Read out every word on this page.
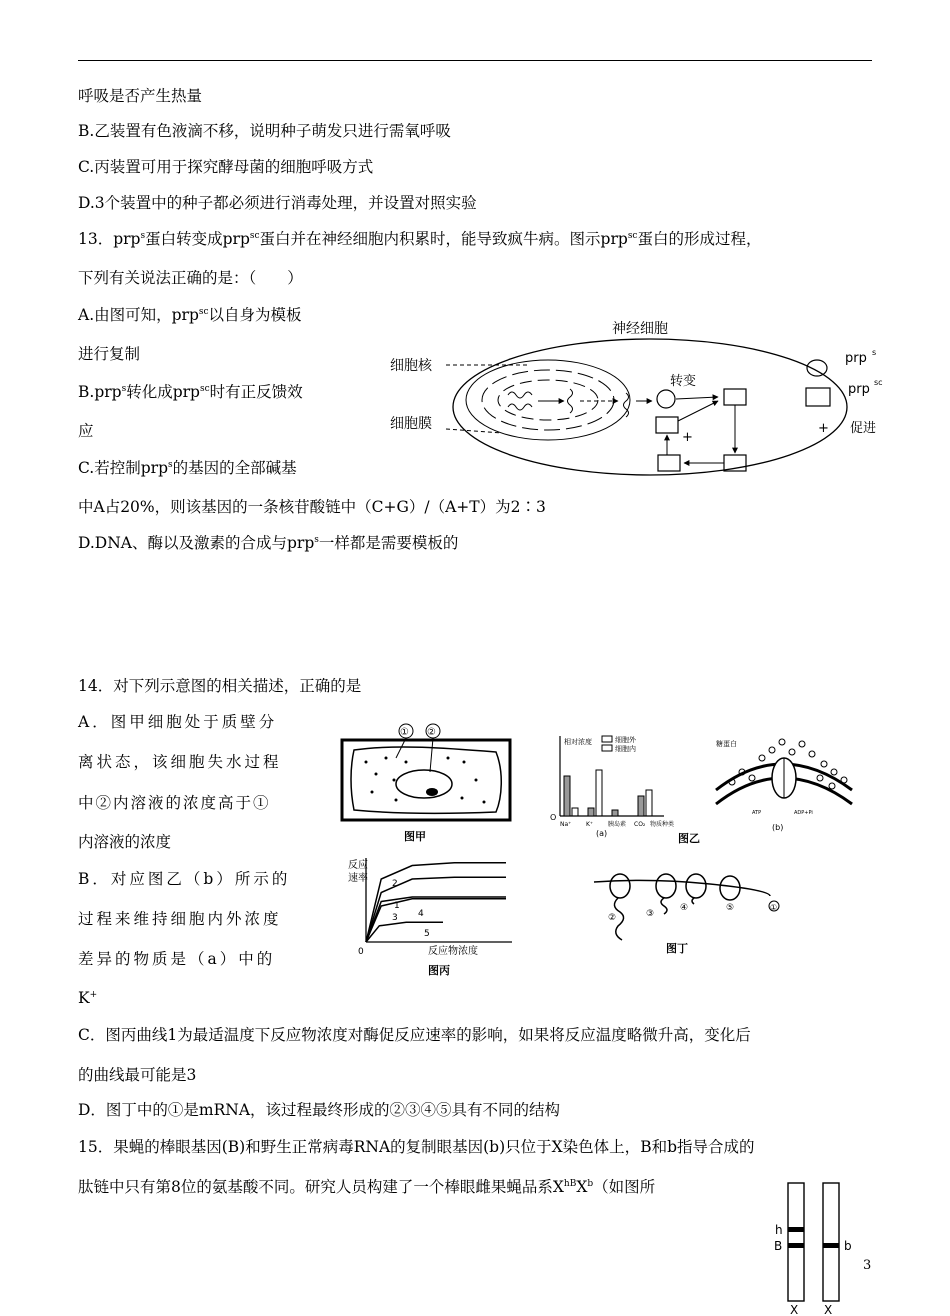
呼吸是否产生热量
B.乙装置有色液滴不移，说明种子萌发只进行需氧呼吸
C.丙装置可用于探究酵母菌的细胞呼吸方式
D.3个装置中的种子都必须进行消毒处理，并设置对照实验
13．prp$^s$蛋白转变成prp$^{sc}$蛋白并在神经细胞内积累时，能导致疯牛病。图示prp$^{sc}$蛋白的形成过程，
下列有关说法正确的是：（　　）
A.由图可知，prp$^{sc}$以自身为模板
进行复制
B.prp$^s$转化成prp$^{sc}$时有正反馈效
应
C.若控制prp$^s$的基因的全部碱基
中A占20%，则该基因的一条核苷酸链中（C+G）/（A+T）为2∶3
D.DNA、酶以及激素的合成与prp$^s$一样都是需要模板的
神经细胞
转变
+
细胞核
细胞膜
prp s
prp sc
+ 促进
14．对下列示意图的相关描述，正确的是
A．图甲细胞处于质壁分
离状态，该细胞失水过程
中②内溶液的浓度高于①
内溶液的浓度
B．对应图乙（b）所示的
过程来维持细胞内外浓度
差异的物质是（a）中的
K+
C．图丙曲线1为最适温度下反应物浓度对酶促反应速率的影响，如果将反应温度略微升高，变化后
的曲线最可能是3
D．图丁中的①是mRNA，该过程最终形成的②③④⑤具有不同的结构
① ②
图甲
相对浓度	细胞外
细胞内
O
Na⁺ K⁺ 胰岛素 CO₂ 物质种类
(a)	图乙
糖蛋白
ATP	ADP+Pi
(b)
反应
速率
0	反应物浓度
2
1
3 4
5
图丙
①
②	③
④	⑤
图丁
15．果蝇的棒眼基因(B)和野生正常病毒RNA的复制眼基因(b)只位于X染色体上，B和b指导合成的
肽链中只有第8位的氨基酸不同。研究人员构建了一个棒眼雌果蝇品系$X^{hB}X^b$（如图所
h
B	b
X X
3
